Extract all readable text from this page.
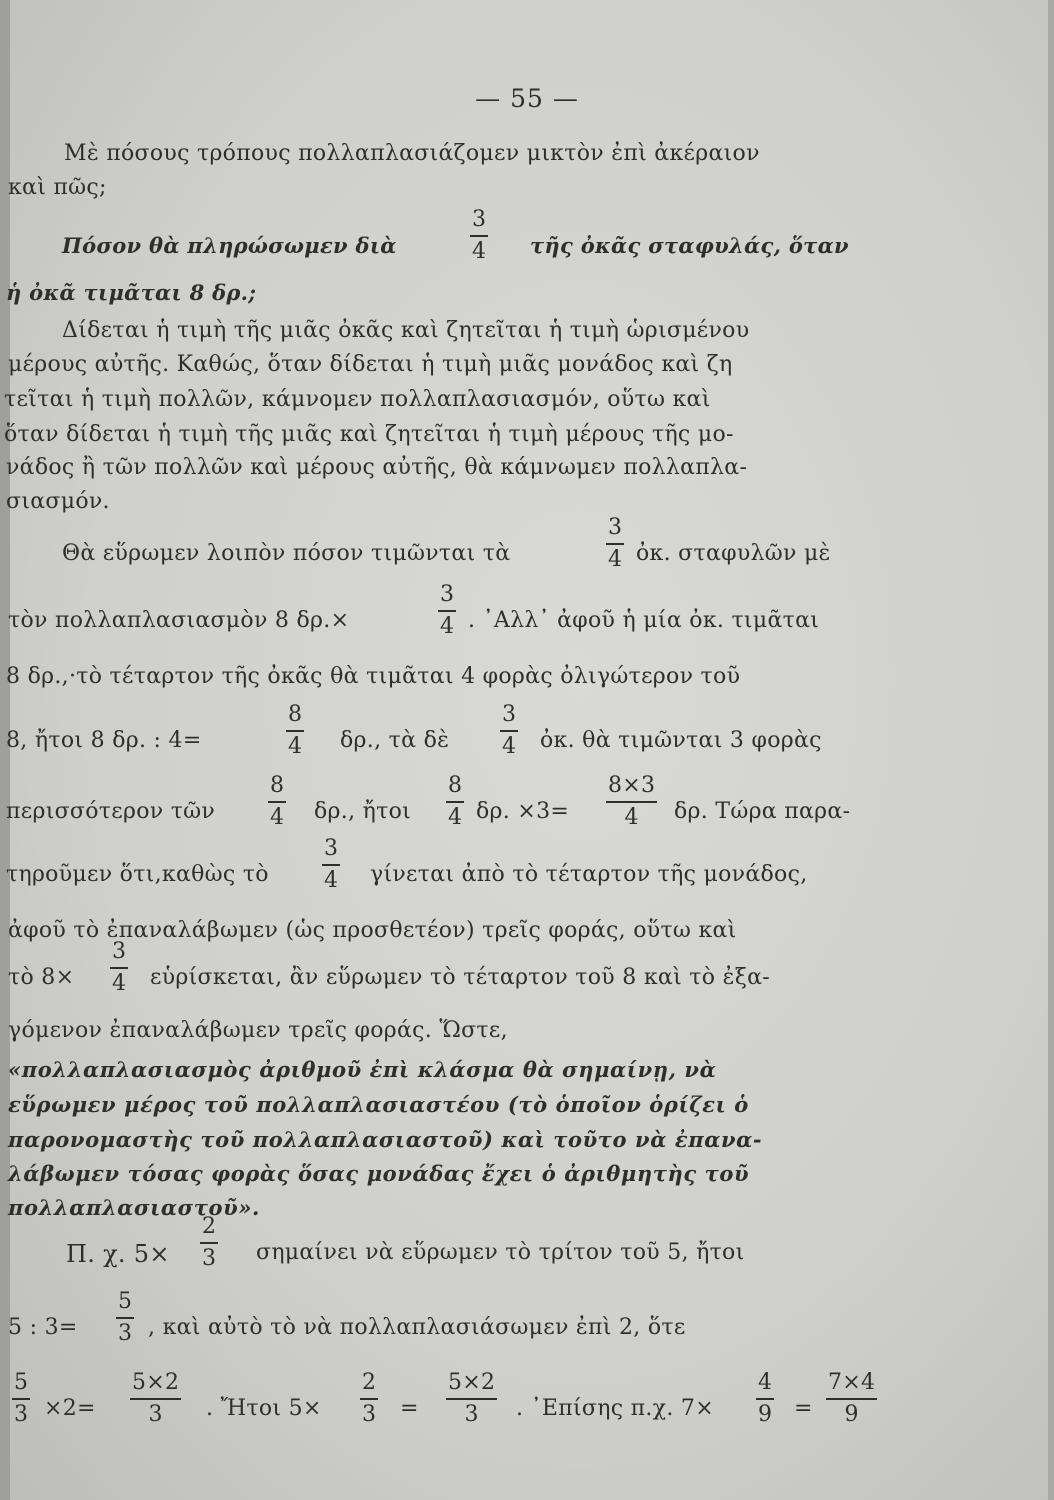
— 55 —
Μὲ πόσους τρόπους πολλαπλασιάζομεν μικτὸν ἐπὶ ἀκέραιον
καὶ πῶς;
Πόσον θὰ πληρώσωμεν διὰ
3
4 τῆς ὀκᾶς σταφυλάς, ὅταν
ἡ ὀκᾶ τιμᾶται 8 δρ.;
Δίδεται ἡ τιμὴ τῆς μιᾶς ὀκᾶς καὶ ζητεῖται ἡ τιμὴ ὡρισμένου
μέρους αὐτῆς. Καθώς, ὅταν δίδεται ἡ τιμὴ μιᾶς μονάδος καὶ ζη
τεῖται ἡ τιμὴ πολλῶν, κάμνομεν πολλαπλασιασμόν, οὕτω καὶ
ὅταν δίδεται ἡ τιμὴ τῆς μιᾶς καὶ ζητεῖται ἡ τιμὴ μέρους τῆς μο-
νάδος ἢ τῶν πολλῶν καὶ μέρους αὐτῆς, θὰ κάμνωμεν πολλαπλα-
σιασμόν.
Θὰ εὕρωμεν λοιπὸν πόσον τιμῶνται τὰ
3
4 ὀκ. σταφυλῶν μὲ
τὸν πολλαπλασιασμὸν 8 δρ.×
3
4 . ᾿Αλλ᾽ ἀφοῦ ἡ μία ὀκ. τιμᾶται
8 δρ.,·τὸ τέταρτον τῆς ὀκᾶς θὰ τιμᾶται 4 φορὰς ὀλιγώτερον τοῦ
8, ἤτοι 8 δρ. : 4=
8
4 δρ., τὰ δὲ
3
4 ὀκ. θὰ τιμῶνται 3 φορὰς
περισσότερον τῶν
8
4 δρ., ἤτοι
8
4 δρ. ×3=
8×3
4	δρ. Τώρα παρα-
τηροῦμεν ὅτι,καθὼς τὸ
3
4 γίνεται ἀπὸ τὸ τέταρτον τῆς μονάδος,
ἀφοῦ τὸ ἐπαναλάβωμεν (ὡς προσθετέον) τρεῖς φοράς, οὕτω καὶ
τὸ 8×
3
4 εὑρίσκεται, ἂν εὕρωμεν τὸ τέταρτον τοῦ 8 καὶ τὸ ἐξα-
γόμενον ἐπαναλάβωμεν τρεῖς φοράς. Ὥστε,
«πολλαπλασιασμὸς ἀριθμοῦ ἐπὶ κλάσμα θὰ σημαίνῃ, νὰ
εὕρωμεν μέρος τοῦ πολλαπλασιαστέου (τὸ ὁποῖον ὁρίζει ὁ
παρονομαστὴς τοῦ πολλαπλασιαστοῦ) καὶ τοῦτο νὰ ἐπανα-
λάβωμεν τόσας φορὰς ὅσας μονάδας ἔχει ὁ ἀριθμητὴς τοῦ
πολλαπλασιαστοῦ».
Π. χ. 5×
2
3 σημαίνει νὰ εὕρωμεν τὸ τρίτον τοῦ 5, ἤτοι
5 : 3=
5
3 , καὶ αὐτὸ τὸ νὰ πολλαπλασιάσωμεν ἐπὶ 2, ὅτε
5
3 ×2=
5×2
3	. Ἤτοι 5×
2
3 =
5×2
3	. ᾿Επίσης π.χ. 7×
4
9 =
7×4
9
